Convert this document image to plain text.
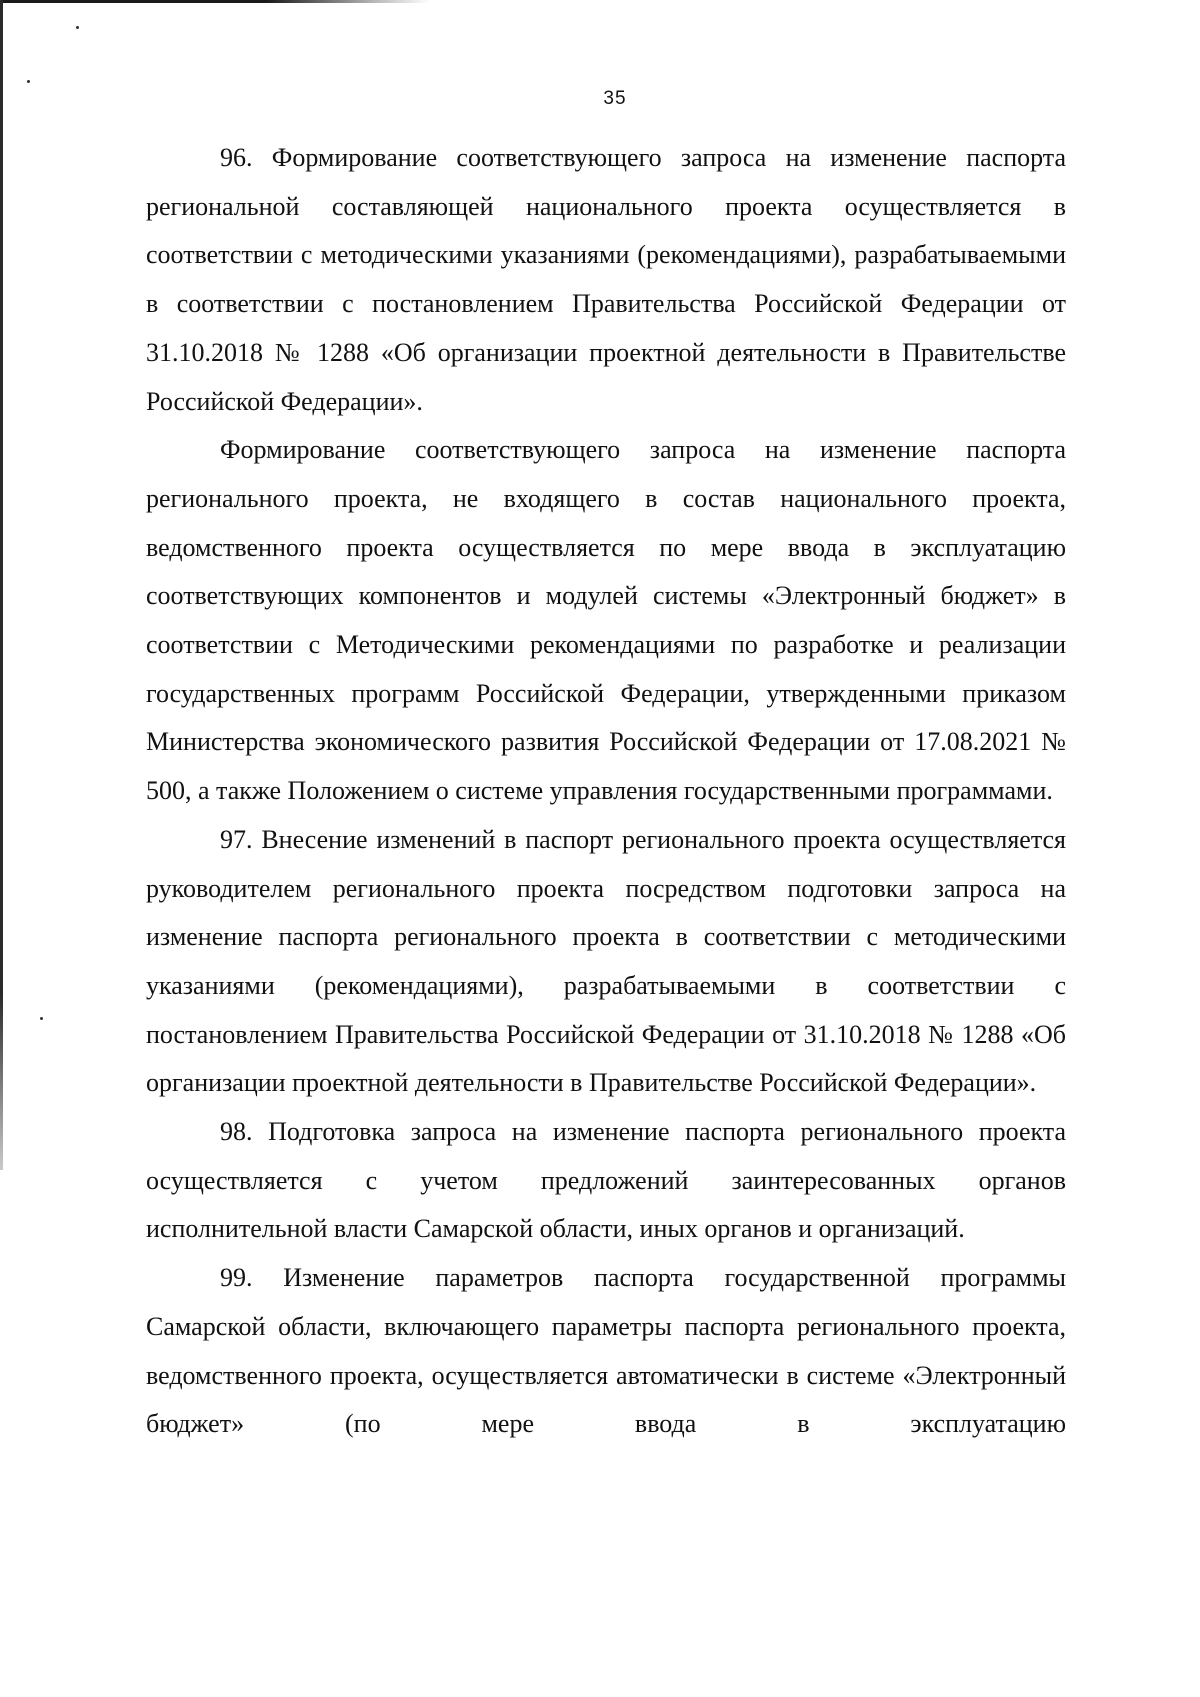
35

96. Формирование соответствующего запроса на изменение паспорта региональной составляющей национального проекта осуществляется в соответствии с методическими указаниями (рекомендациями), разрабатываемыми в соответствии с постановлением Правительства Российской Федерации от 31.10.2018 № 1288 «Об организации проектной деятельности в Правительстве Российской Федерации».

Формирование соответствующего запроса на изменение паспорта регионального проекта, не входящего в состав национального проекта, ведомственного проекта осуществляется по мере ввода в эксплуатацию соответствующих компонентов и модулей системы «Электронный бюджет» в соответствии с Методическими рекомендациями по разработке и реализации государственных программ Российской Федерации, утвержденными приказом Министерства экономического развития Российской Федерации от 17.08.2021 № 500, а также Положением о системе управления государственными программами.

97. Внесение изменений в паспорт регионального проекта осуществляется руководителем регионального проекта посредством подготовки запроса на изменение паспорта регионального проекта в соответствии с методическими указаниями (рекомендациями), разрабатываемыми в соответствии с постановлением Правительства Российской Федерации от 31.10.2018 № 1288 «Об организации проектной деятельности в Правительстве Российской Федерации».

98. Подготовка запроса на изменение паспорта регионального проекта осуществляется с учетом предложений заинтересованных органов исполнительной власти Самарской области, иных органов и организаций.

99. Изменение параметров паспорта государственной программы Самарской области, включающего параметры паспорта регионального проекта, ведомственного проекта, осуществляется автоматически в системе «Электронный бюджет» (по мере ввода в эксплуатацию
